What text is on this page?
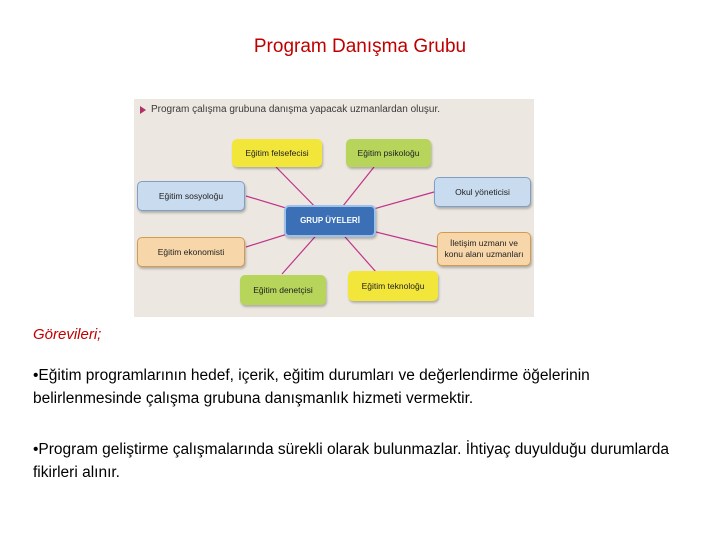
Program Danışma Grubu
Program çalışma grubuna danışma yapacak uzmanlardan oluşur.
Eğitim felsefecisi	Eğitim psikoloğu
Eğitim sosyoloğu	Okul yöneticisi
GRUP ÜYELERİ
Eğitim ekonomisti
İletişim uzmanı ve konu alanı uzmanları
Eğitim denetçisi	Eğitim teknoloğu
Görevileri;
•Eğitim programlarının hedef, içerik, eğitim durumları ve değerlendirme öğelerinin belirlenmesinde çalışma grubuna danışmanlık hizmeti vermektir.
•Program geliştirme çalışmalarında sürekli olarak bulunmazlar. İhtiyaç duyulduğu durumlarda fikirleri alınır.
